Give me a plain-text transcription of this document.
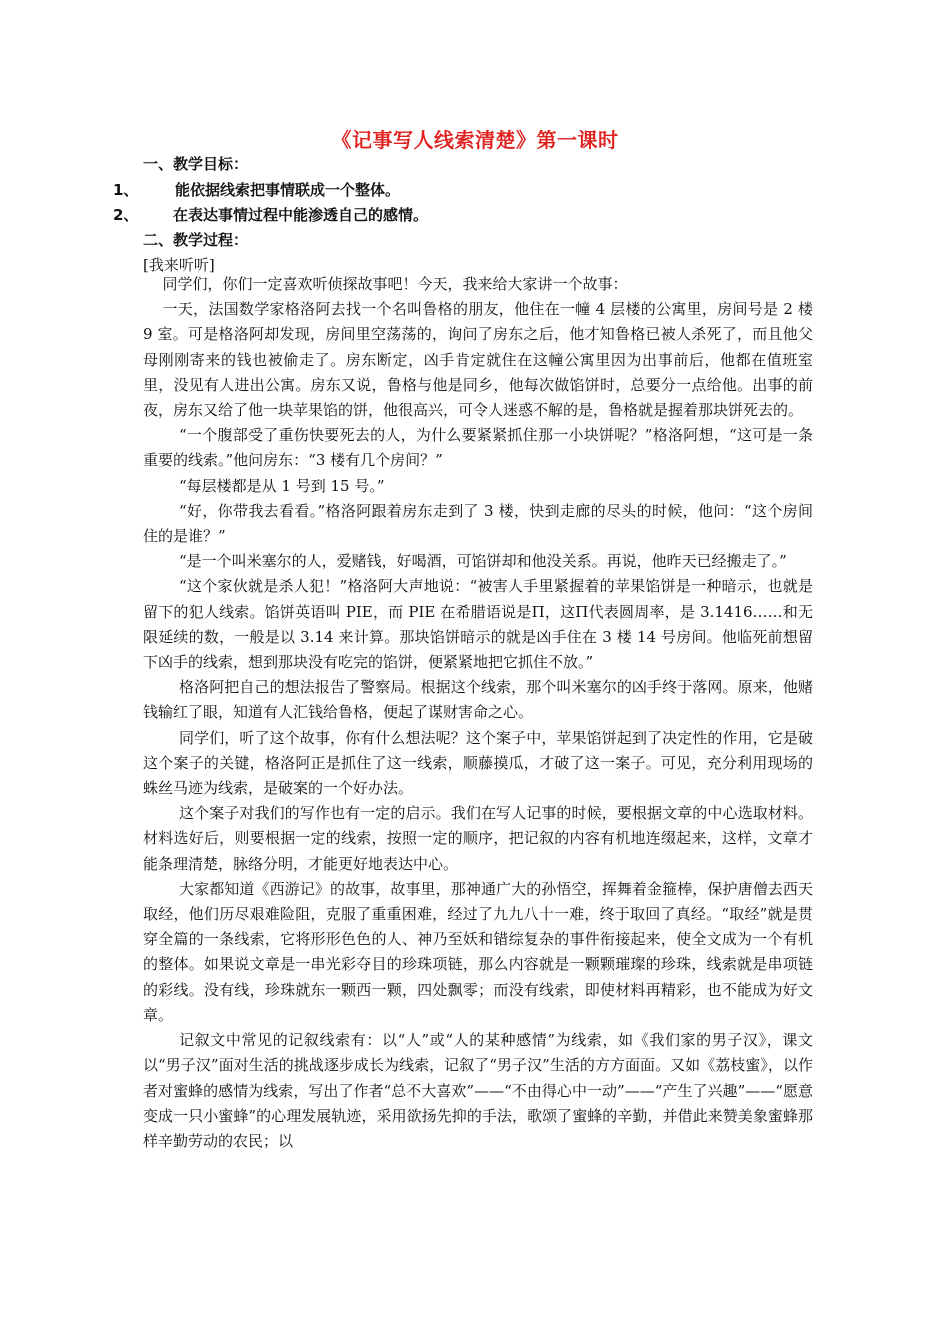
《记事写人线索清楚》第一课时
一、教学目标：
1、 能依据线索把事情联成一个整体。
2、 在表达事情过程中能渗透自己的感情。
二、教学过程：
[我来听听]

同学们，你们一定喜欢听侦探故事吧！今天，我来给大家讲一个故事：

一天，法国数学家格洛阿去找一个名叫鲁格的朋友，他住在一幢 4 层楼的公寓里，房间号是 2 楼 9 室。可是格洛阿却发现，房间里空荡荡的，询问了房东之后，他才知鲁格已被人杀死了，而且他父母刚刚寄来的钱也被偷走了。房东断定，凶手肯定就住在这幢公寓里因为出事前后，他都在值班室里，没见有人进出公寓。房东又说，鲁格与他是同乡，他每次做馅饼时，总要分一点给他。出事的前夜，房东又给了他一块苹果馅的饼，他很高兴，可令人迷惑不解的是，鲁格就是握着那块饼死去的。

“一个腹部受了重伤快要死去的人，为什么要紧紧抓住那一小块饼呢？”格洛阿想，“这可是一条重要的线索。”他问房东：“3 楼有几个房间？”

“每层楼都是从 1 号到 15 号。”

“好，你带我去看看。”格洛阿跟着房东走到了 3 楼，快到走廊的尽头的时候，他问：“这个房间住的是谁？”

“是一个叫米塞尔的人，爱赌钱，好喝酒，可馅饼却和他没关系。再说，他昨天已经搬走了。”

“这个家伙就是杀人犯！”格洛阿大声地说：“被害人手里紧握着的苹果馅饼是一种暗示，也就是留下的犯人线索。馅饼英语叫 PIE，而 PIE 在希腊语说是Π，这Π代表圆周率，是 3.1416……和无限延续的数，一般是以 3.14 来计算。那块馅饼暗示的就是凶手住在 3 楼 14 号房间。他临死前想留下凶手的线索，想到那块没有吃完的馅饼，便紧紧地把它抓住不放。”

格洛阿把自己的想法报告了警察局。根据这个线索，那个叫米塞尔的凶手终于落网。原来，他赌钱输红了眼，知道有人汇钱给鲁格，便起了谋财害命之心。

同学们，听了这个故事，你有什么想法呢？这个案子中，苹果馅饼起到了决定性的作用，它是破这个案子的关键，格洛阿正是抓住了这一线索，顺藤摸瓜，才破了这一案子。可见，充分利用现场的蛛丝马迹为线索，是破案的一个好办法。

这个案子对我们的写作也有一定的启示。我们在写人记事的时候，要根据文章的中心选取材料。材料选好后，则要根据一定的线索，按照一定的顺序，把记叙的内容有机地连缀起来，这样，文章才能条理清楚，脉络分明，才能更好地表达中心。

大家都知道《西游记》的故事，故事里，那神通广大的孙悟空，挥舞着金箍棒，保护唐僧去西天取经，他们历尽艰难险阻，克服了重重困难，经过了九九八十一难，终于取回了真经。“取经”就是贯穿全篇的一条线索，它将形形色色的人、神乃至妖和错综复杂的事件衔接起来，使全文成为一个有机的整体。如果说文章是一串光彩夺目的珍珠项链，那么内容就是一颗颗璀璨的珍珠，线索就是串项链的彩线。没有线，珍珠就东一颗西一颗，四处飘零；而没有线索，即使材料再精彩，也不能成为好文章。

记叙文中常见的记叙线索有：以“人”或“人的某种感情”为线索，如《我们家的男子汉》，课文以“男子汉”面对生活的挑战逐步成长为线索，记叙了“男子汉”生活的方方面面。又如《荔枝蜜》，以作者对蜜蜂的感情为线索，写出了作者“总不大喜欢”——“不由得心中一动”——“产生了兴趣”——“愿意变成一只小蜜蜂”的心理发展轨迹，采用欲扬先抑的手法，歌颂了蜜蜂的辛勤，并借此来赞美象蜜蜂那样辛勤劳动的农民；以
